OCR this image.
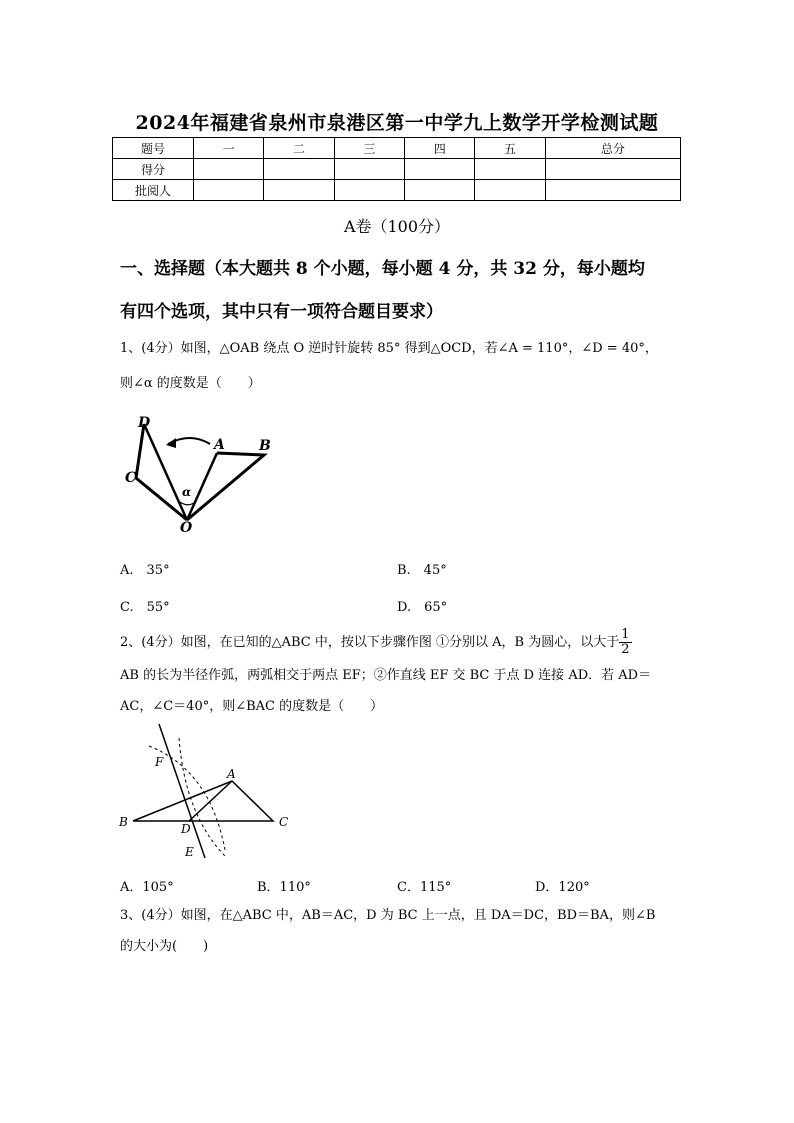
2024年福建省泉州市泉港区第一中学九上数学开学检测试题
题号	一	二	三	四	五	总分
得分						
批阅人						
A卷（100分）
一、选择题（本大题共 8 个小题，每小题 4 分，共 32 分，每小题均
有四个选项，其中只有一项符合题目要求）
1、(4分）如图，△OAB 绕点 O 逆时针旋转 85° 得到△OCD，若∠A = 110°，∠D = 40°，
则∠α 的度数是（　　）
D
A B
C
O
α
A.　35°	B.　45°
C.　55°	D.　65°
2、(4分）如图，在已知的△ABC 中，按以下步骤作图 ①分别以 A，B 为圆心，以大于 $\frac{1}{2}$
AB 的长为半径作弧，两弧相交于两点 EF；②作直线 EF 交 BC 于点 D 连接 AD．若 AD＝
AC，∠C＝40°，则∠BAC 的度数是（　　）
F
A
B	C
D
E
A．105°	B．110°	C．115°	D．120°
3、(4分）如图，在△ABC 中，AB＝AC，D 为 BC 上一点，且 DA＝DC，BD＝BA，则∠B
的大小为(　　)
